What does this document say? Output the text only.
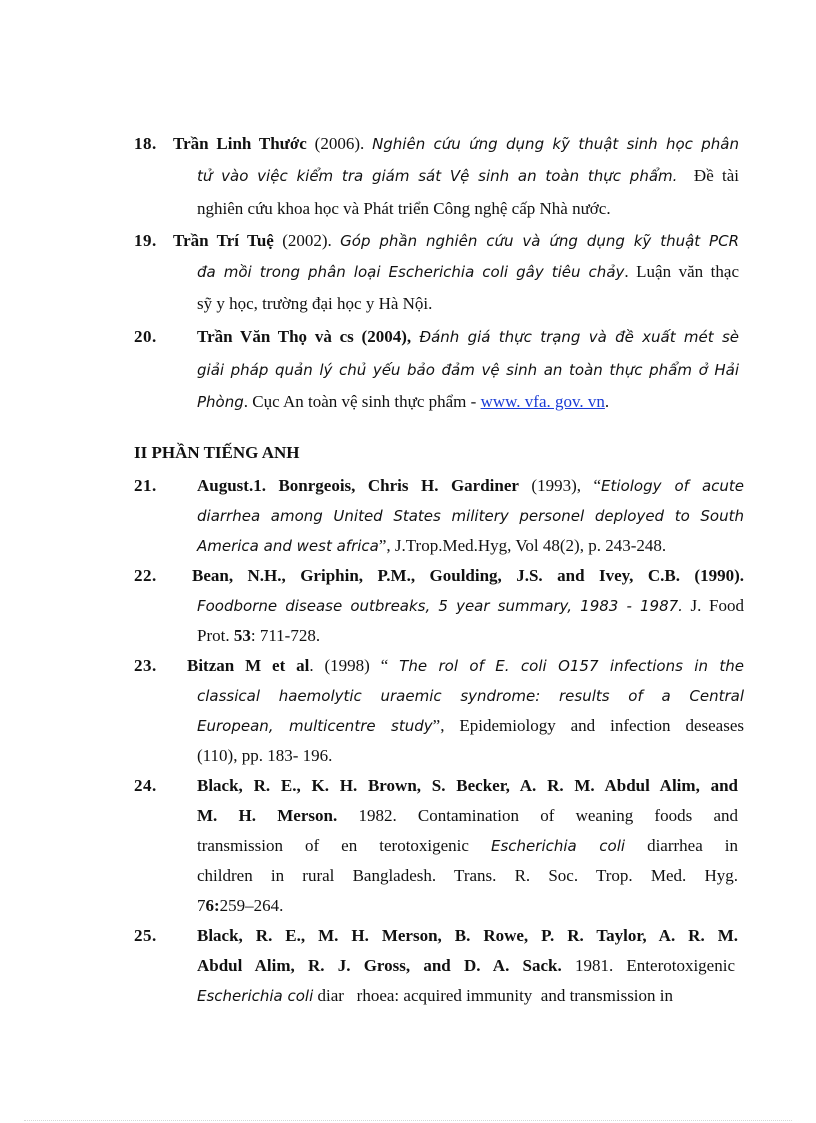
18. Trần Linh Thước (2006). Nghiên cứu ứng dụng kỹ thuật sinh học phân
tử vào việc kiểm tra giám sát Vệ sinh an toàn thực phẩm.  Đề tài
nghiên cứu khoa học và Phát triển Công nghệ cấp Nhà nước.
19. Trần Trí Tuệ (2002). Góp phần nghiên cứu và ứng dụng kỹ thuật PCR
đa mồi trong phân loại Escherichia coli gây tiêu chảy. Luận văn thạc
sỹ y học, trường đại học y Hà Nội.
20. Trần Văn Thọ và cs (2004), Đánh giá thực trạng và đề xuất mét sè
giải pháp quản lý chủ yếu bảo đảm vệ sinh an toàn thực phẩm ở Hải
Phòng. Cục An toàn vệ sinh thực phẩm - www. vfa. gov. vn.
II PHẦN TIẾNG ANH
21. August.1. Bonrgeois, Chris H. Gardiner (1993), “Etiology of acute
diarrhea among United States militery personel deployed to South
America and west africa”, J.Trop.Med.Hyg, Vol 48(2), p. 243-248.
22. Bean, N.H., Griphin, P.M., Goulding, J.S. and Ivey, C.B. (1990).
Foodborne disease outbreaks, 5 year summary, 1983 - 1987. J. Food
Prot. 53: 711-728.
23. Bitzan M et al. (1998) “ The rol of E. coli O157 infections in the
classical haemolytic uraemic syndrome: results of a Central
European, multicentre study”, Epidemiology and infection deseases
(110), pp. 183- 196.
24. Black, R. E., K. H. Brown, S. Becker, A. R. M. Abdul Alim, and
M. H. Merson. 1982. Contamination of weaning foods and
transmission of en terotoxigenic Escherichia coli diarrhea in
children in rural Bangladesh. Trans. R. Soc. Trop. Med. Hyg.
76:259–264.
25. Black, R. E., M. H. Merson, B. Rowe, P. R. Taylor, A. R. M.
Abdul Alim, R. J. Gross, and D. A. Sack. 1981. Enterotoxigenic
Escherichia coli diar   rhoea: acquired immunity  and transmission in
